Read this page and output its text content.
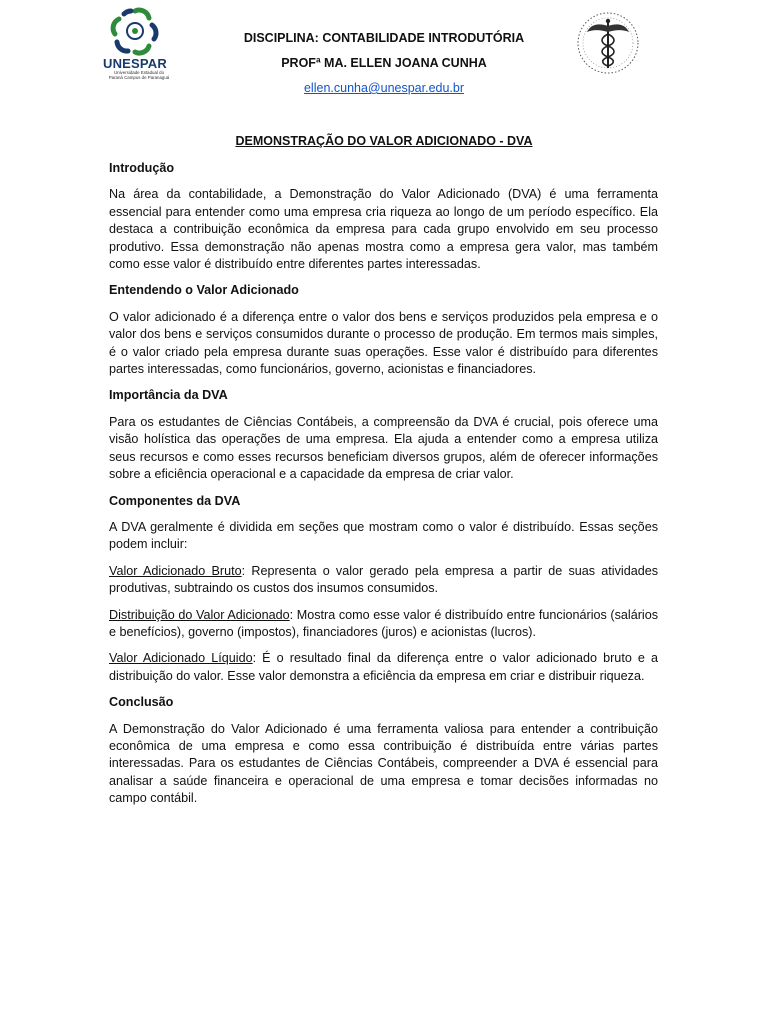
UNESPAR
Universidade Estadual do Paraná Campus de Paranaguá
DISCIPLINA: CONTABILIDADE INTRODUTÓRIA
PROFª MA. ELLEN JOANA CUNHA
ellen.cunha@unespar.edu.br
DEMONSTRAÇÃO DO VALOR ADICIONADO - DVA
Introdução

Na área da contabilidade, a Demonstração do Valor Adicionado (DVA) é uma ferramenta essencial para entender como uma empresa cria riqueza ao longo de um período específico. Ela destaca a contribuição econômica da empresa para cada grupo envolvido em seu processo produtivo. Essa demonstração não apenas mostra como a empresa gera valor, mas também como esse valor é distribuído entre diferentes partes interessadas.

Entendendo o Valor Adicionado

O valor adicionado é a diferença entre o valor dos bens e serviços produzidos pela empresa e o valor dos bens e serviços consumidos durante o processo de produção. Em termos mais simples, é o valor criado pela empresa durante suas operações. Esse valor é distribuído para diferentes partes interessadas, como funcionários, governo, acionistas e financiadores.

Importância da DVA

Para os estudantes de Ciências Contábeis, a compreensão da DVA é crucial, pois oferece uma visão holística das operações de uma empresa. Ela ajuda a entender como a empresa utiliza seus recursos e como esses recursos beneficiam diversos grupos, além de oferecer informações sobre a eficiência operacional e a capacidade da empresa de criar valor.

Componentes da DVA

A DVA geralmente é dividida em seções que mostram como o valor é distribuído. Essas seções podem incluir:

Valor Adicionado Bruto: Representa o valor gerado pela empresa a partir de suas atividades produtivas, subtraindo os custos dos insumos consumidos.

Distribuição do Valor Adicionado: Mostra como esse valor é distribuído entre funcionários (salários e benefícios), governo (impostos), financiadores (juros) e acionistas (lucros).

Valor Adicionado Líquido: É o resultado final da diferença entre o valor adicionado bruto e a distribuição do valor. Esse valor demonstra a eficiência da empresa em criar e distribuir riqueza.

Conclusão

A Demonstração do Valor Adicionado é uma ferramenta valiosa para entender a contribuição econômica de uma empresa e como essa contribuição é distribuída entre várias partes interessadas. Para os estudantes de Ciências Contábeis, compreender a DVA é essencial para analisar a saúde financeira e operacional de uma empresa e tomar decisões informadas no campo contábil.
